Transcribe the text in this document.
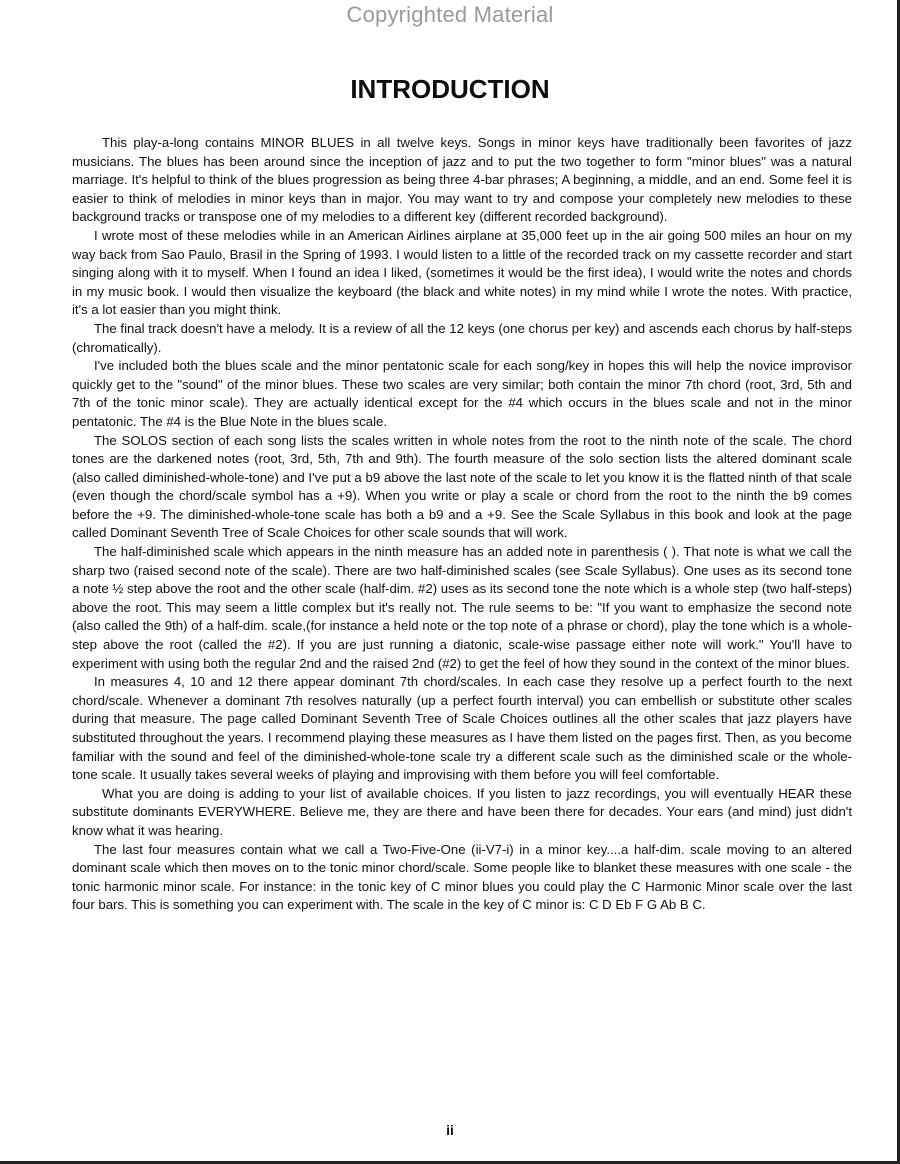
Copyrighted Material
INTRODUCTION

This play-a-long contains MINOR BLUES in all twelve keys. Songs in minor keys have traditionally been favorites of jazz musicians. The blues has been around since the inception of jazz and to put the two together to form "minor blues" was a natural marriage. It's helpful to think of the blues progression as being three 4-bar phrases; A beginning, a middle, and an end. Some feel it is easier to think of melodies in minor keys than in major. You may want to try and compose your completely new melodies to these background tracks or transpose one of my melodies to a different key (different recorded background).

I wrote most of these melodies while in an American Airlines airplane at 35,000 feet up in the air going 500 miles an hour on my way back from Sao Paulo, Brasil in the Spring of 1993. I would listen to a little of the recorded track on my cassette recorder and start singing along with it to myself. When I found an idea I liked, (sometimes it would be the first idea), I would write the notes and chords in my music book. I would then visualize the keyboard (the black and white notes) in my mind while I wrote the notes. With practice, it's a lot easier than you might think.

The final track doesn't have a melody. It is a review of all the 12 keys (one chorus per key) and ascends each chorus by half-steps (chromatically).

I've included both the blues scale and the minor pentatonic scale for each song/key in hopes this will help the novice improvisor quickly get to the "sound" of the minor blues. These two scales are very similar; both contain the minor 7th chord (root, 3rd, 5th and 7th of the tonic minor scale). They are actually identical except for the #4 which occurs in the blues scale and not in the minor pentatonic. The #4 is the Blue Note in the blues scale.

The SOLOS section of each song lists the scales written in whole notes from the root to the ninth note of the scale. The chord tones are the darkened notes (root, 3rd, 5th, 7th and 9th). The fourth measure of the solo section lists the altered dominant scale (also called diminished-whole-tone) and I've put a b9 above the last note of the scale to let you know it is the flatted ninth of that scale (even though the chord/scale symbol has a +9). When you write or play a scale or chord from the root to the ninth the b9 comes before the +9. The diminished-whole-tone scale has both a b9 and a +9. See the Scale Syllabus in this book and look at the page called Dominant Seventh Tree of Scale Choices for other scale sounds that will work.

The half-diminished scale which appears in the ninth measure has an added note in parenthesis ( ). That note is what we call the sharp two (raised second note of the scale). There are two half-diminished scales (see Scale Syllabus). One uses as its second tone a note ½ step above the root and the other scale (half-dim. #2) uses as its second tone the note which is a whole step (two half-steps) above the root. This may seem a little complex but it's really not. The rule seems to be: "If you want to emphasize the second note (also called the 9th) of a half-dim. scale,(for instance a held note or the top note of a phrase or chord), play the tone which is a whole-step above the root (called the #2). If you are just running a diatonic, scale-wise passage either note will work." You'll have to experiment with using both the regular 2nd and the raised 2nd (#2) to get the feel of how they sound in the context of the minor blues.

In measures 4, 10 and 12 there appear dominant 7th chord/scales. In each case they resolve up a perfect fourth to the next chord/scale. Whenever a dominant 7th resolves naturally (up a perfect fourth interval) you can embellish or substitute other scales during that measure. The page called Dominant Seventh Tree of Scale Choices outlines all the other scales that jazz players have substituted throughout the years. I recommend playing these measures as I have them listed on the pages first. Then, as you become familiar with the sound and feel of the diminished-whole-tone scale try a different scale such as the diminished scale or the whole-tone scale. It usually takes several weeks of playing and improvising with them before you will feel comfortable.

What you are doing is adding to your list of available choices. If you listen to jazz recordings, you will eventually HEAR these substitute dominants EVERYWHERE. Believe me, they are there and have been there for decades. Your ears (and mind) just didn't know what it was hearing.

The last four measures contain what we call a Two-Five-One (ii-V7-i) in a minor key....a half-dim. scale moving to an altered dominant scale which then moves on to the tonic minor chord/scale. Some people like to blanket these measures with one scale - the tonic harmonic minor scale. For instance: in the tonic key of C minor blues you could play the C Harmonic Minor scale over the last four bars. This is something you can experiment with. The scale in the key of C minor is: C D Eb F G Ab B C.

ii
